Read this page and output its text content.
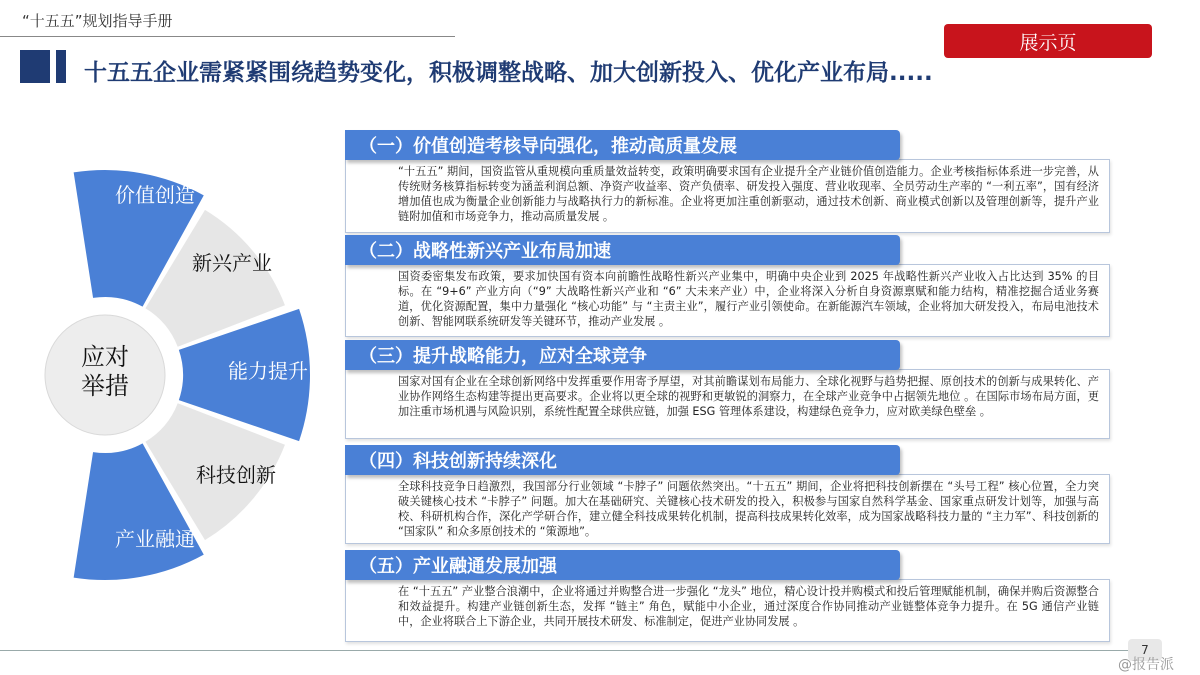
“十五五”规划指导手册
展示页
十五五企业需紧紧围绕趋势变化，积极调整战略、加大创新投入、优化产业布局.....
应对
举措
价值创造
新兴产业
能力提升
科技创新
产业融通
“十五五” 期间，国资监管从重规模向重质量效益转变，政策明确要求国有企业提升全产业链价值创造能力。企业考核指标体系进一步完善，从传统财务核算指标转变为涵盖利润总额、净资产收益率、资产负债率、研发投入强度、营业收现率、全员劳动生产率的 “一利五率”，国有经济增加值也成为衡量企业创新能力与战略执行力的新标准。企业将更加注重创新驱动，通过技术创新、商业模式创新以及管理创新等，提升产业链附加值和市场竞争力，推动高质量发展 。
（一）价值创造考核导向强化，推动高质量发展
国资委密集发布政策，要求加快国有资本向前瞻性战略性新兴产业集中，明确中央企业到 2025 年战略性新兴产业收入占比达到 35% 的目标。在 “9+6” 产业方向（“9” 大战略性新兴产业和 “6” 大未来产业）中，企业将深入分析自身资源禀赋和能力结构，精准挖掘合适业务赛道，优化资源配置，集中力量强化 “核心功能” 与 “主责主业”，履行产业引领使命。在新能源汽车领域，企业将加大研发投入，布局电池技术创新、智能网联系统研发等关键环节，推动产业发展 。
（二）战略性新兴产业布局加速
国家对国有企业在全球创新网络中发挥重要作用寄予厚望，对其前瞻谋划布局能力、全球化视野与趋势把握、原创技术的创新与成果转化、产业协作网络生态构建等提出更高要求。企业将以更全球的视野和更敏锐的洞察力，在全球产业竞争中占据领先地位 。在国际市场布局方面，更加注重市场机遇与风险识别，系统性配置全球供应链，加强 ESG 管理体系建设，构建绿色竞争力，应对欧美绿色壁垒 。
（三）提升战略能力，应对全球竞争
全球科技竞争日趋激烈，我国部分行业领域 “卡脖子” 问题依然突出。“十五五” 期间，企业将把科技创新摆在 “头号工程” 核心位置，全力突破关键核心技术 “卡脖子” 问题。加大在基础研究、关键核心技术研发的投入，积极参与国家自然科学基金、国家重点研发计划等，加强与高校、科研机构合作，深化产学研合作，建立健全科技成果转化机制，提高科技成果转化效率，成为国家战略科技力量的 “主力军”、科技创新的 “国家队” 和众多原创技术的 “策源地”。
（四）科技创新持续深化
在 “十五五” 产业整合浪潮中，企业将通过并购整合进一步强化 “龙头” 地位，精心设计投并购模式和投后管理赋能机制，确保并购后资源整合和效益提升。构建产业链创新生态，发挥 “链主” 角色，赋能中小企业，通过深度合作协同推动产业链整体竞争力提升。在 5G 通信产业链中，企业将联合上下游企业，共同开展技术研发、标准制定，促进产业协同发展 。
（五）产业融通发展加强
7
@报告派
